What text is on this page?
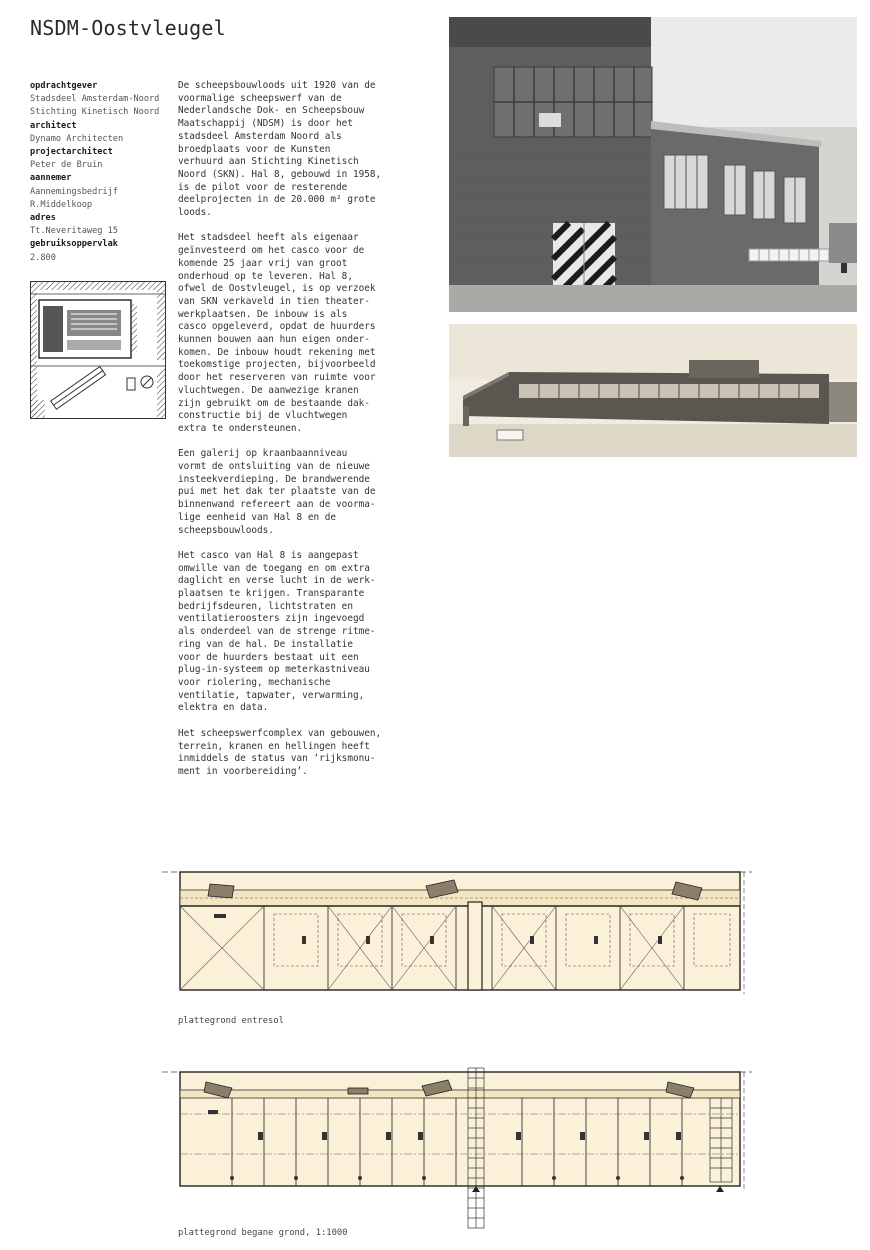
NSDM-Oostvleugel
opdrachtgever
Stadsdeel Amsterdam-Noord
Stichting Kinetisch Noord
architect
Dynamo Architecten
projectarchitect
Peter de Bruin
aannemer
Aannemingsbedrijf
R.Middelkoop
adres
Tt.Neveritaweg 15
gebruiksoppervlak
2.800

De scheepsbouwloods uit 1920 van de
voormalige scheepswerf van de
Nederlandsche Dok- en Scheepsbouw
Maatschappij (NDSM) is door het
stadsdeel Amsterdam Noord als
broedplaats voor de Kunsten
verhuurd aan Stichting Kinetisch
Noord (SKN). Hal 8, gebouwd in 1958,
is de pilot voor de resterende
deelprojecten in de 20.000 m² grote
loods.

Het stadsdeel heeft als eigenaar
geïnvesteerd om het casco voor de
komende 25 jaar vrij van groot
onderhoud op te leveren. Hal 8,
ofwel de Oostvleugel, is op verzoek
van SKN verkaveld in tien theater-
werkplaatsen. De inbouw is als
casco opgeleverd, opdat de huurders
kunnen bouwen aan hun eigen onder-
komen. De inbouw houdt rekening met
toekomstige projecten, bijvoorbeeld
door het reserveren van ruimte voor
vluchtwegen. De aanwezige kranen
zijn gebruikt om de bestaande dak-
constructie bij de vluchtwegen
extra te ondersteunen.

Een galerij op kraanbaanniveau
vormt de ontsluiting van de nieuwe
insteekverdieping. De brandwerende
pui met het dak ter plaatste van de
binnenwand refereert aan de voorma-
lige eenheid van Hal 8 en de
scheepsbouwloods.

Het casco van Hal 8 is aangepast
omwille van de toegang en om extra
daglicht en verse lucht in de werk-
plaatsen te krijgen. Transparante
bedrijfsdeuren, lichtstraten en
ventilatieroosters zijn ingevoegd
als onderdeel van de strenge ritme-
ring van de hal. De installatie
voor de huurders bestaat uit een
plug-in-systeem op meterkastniveau
voor riolering, mechanische
ventilatie, tapwater, verwarming,
elektra en data.

Het scheepswerfcomplex van gebouwen,
terrein, kranen en hellingen heeft
inmiddels de status van ‘rijksmonu-
ment in voorbereiding’.

plattegrond entresol
plattegrond begane grond, 1:1000
